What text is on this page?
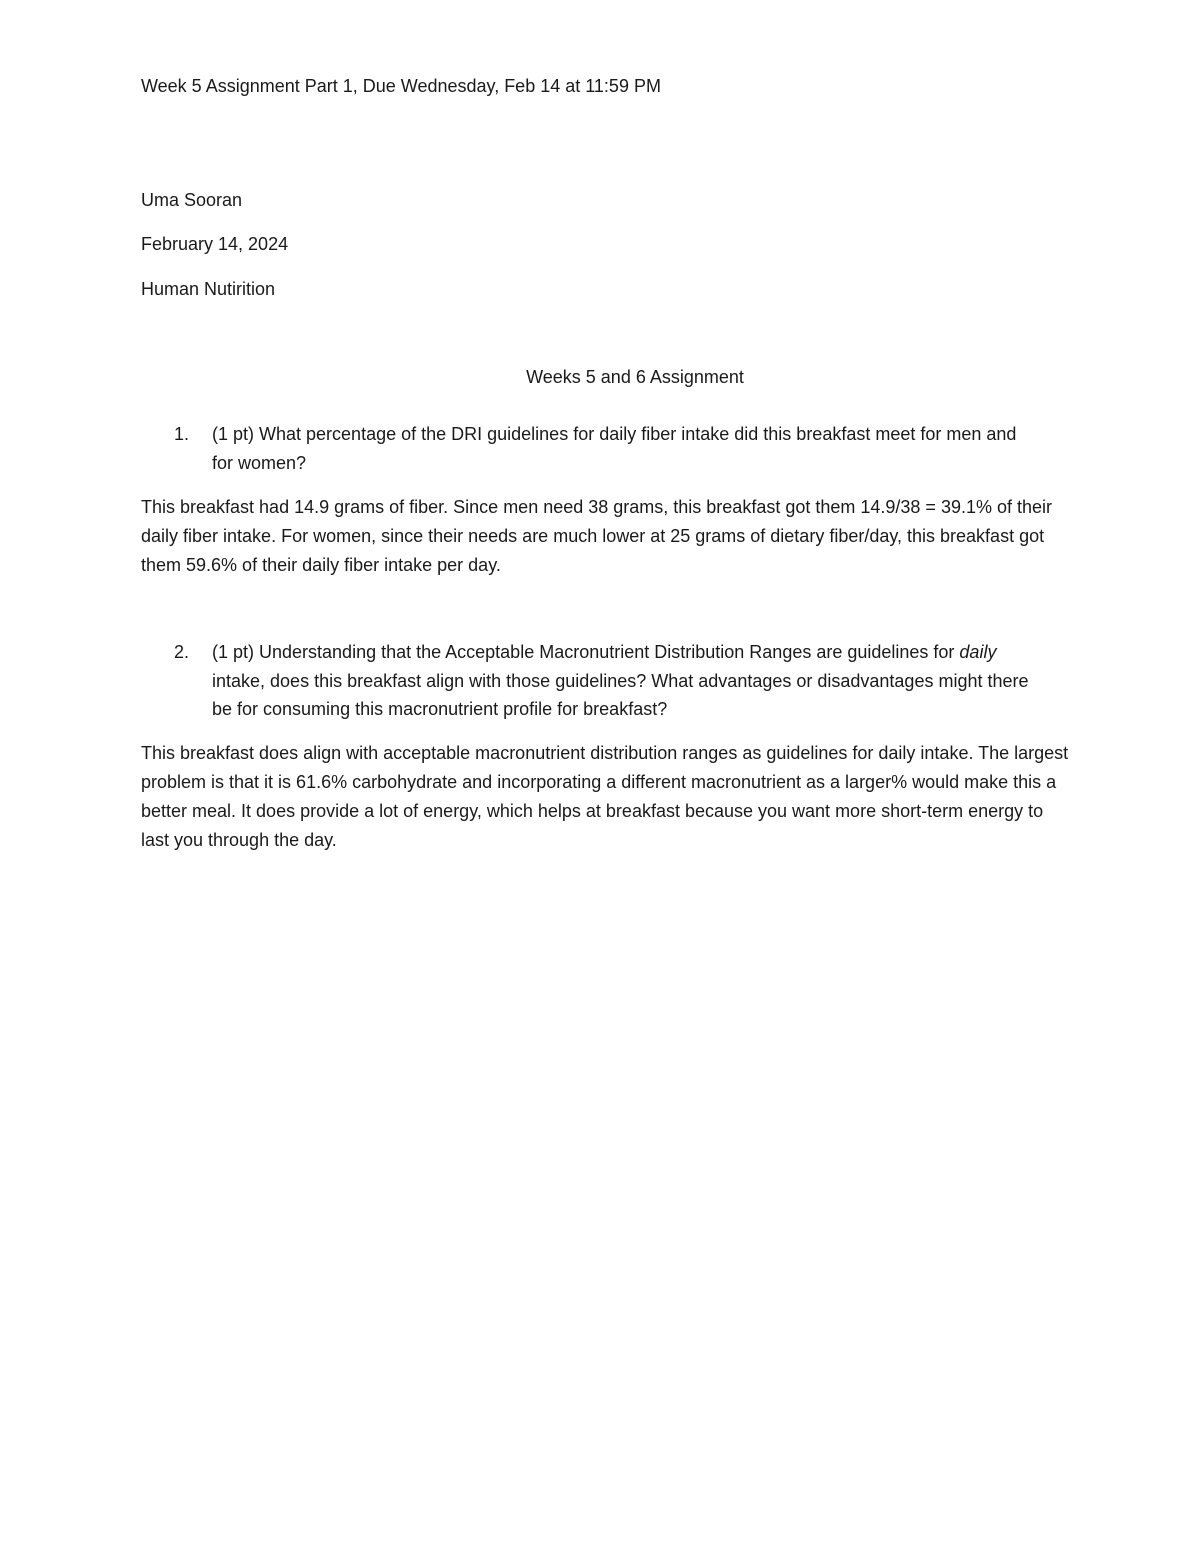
Week 5 Assignment Part 1, Due Wednesday, Feb 14 at 11:59 PM

Uma Sooran

February 14, 2024

Human Nutirition

Weeks 5 and 6 Assignment

1. (1 pt) What percentage of the DRI guidelines for daily fiber intake did this breakfast meet for men and for women?

This breakfast had 14.9 grams of fiber. Since men need 38 grams, this breakfast got them 14.9/38 = 39.1% of their daily fiber intake. For women, since their needs are much lower at 25 grams of dietary fiber/day, this breakfast got them 59.6% of their daily fiber intake per day.

2. (1 pt) Understanding that the Acceptable Macronutrient Distribution Ranges are guidelines for daily intake, does this breakfast align with those guidelines? What advantages or disadvantages might there be for consuming this macronutrient profile for breakfast?

This breakfast does align with acceptable macronutrient distribution ranges as guidelines for daily intake. The largest problem is that it is 61.6% carbohydrate and incorporating a different macronutrient as a larger% would make this a better meal. It does provide a lot of energy, which helps at breakfast because you want more short-term energy to last you through the day.
